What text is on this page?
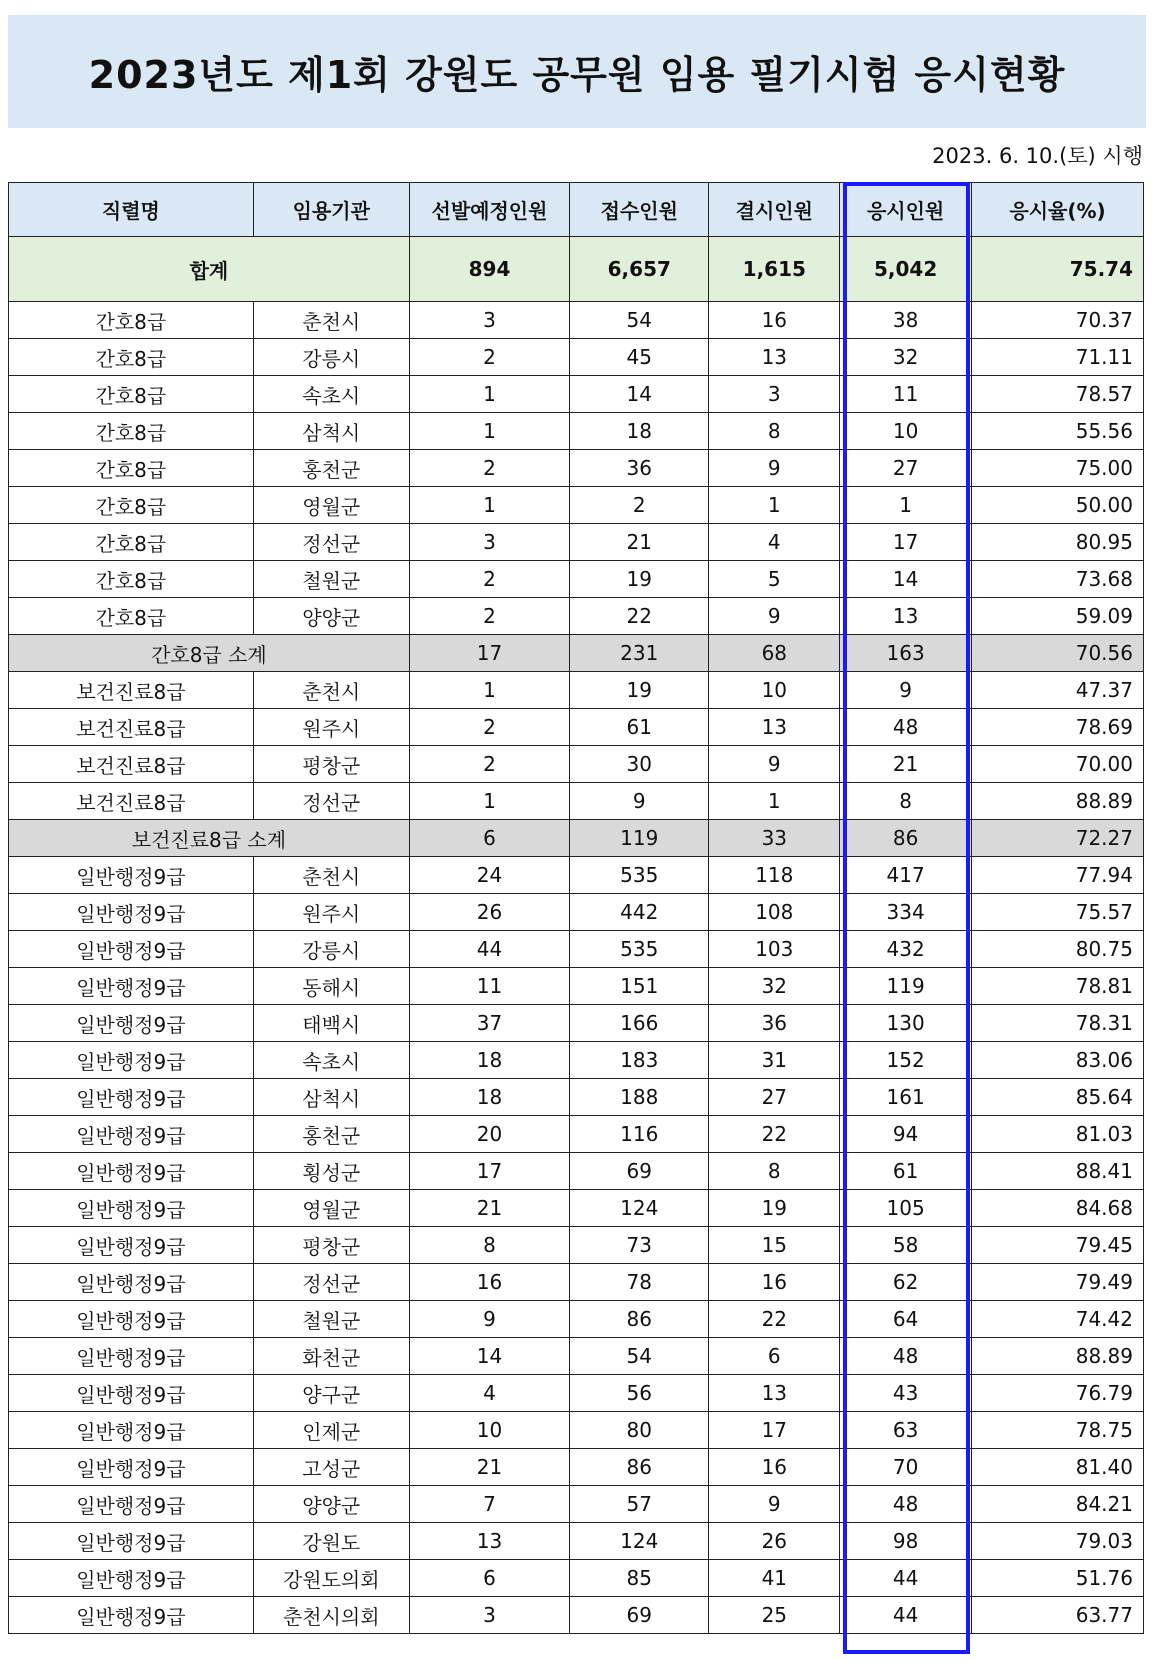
2023년도 제1회 강원도 공무원 임용 필기시험 응시현황
2023. 6. 10.(토) 시행
직렬명	임용기관	선발예정인원	접수인원	결시인원	응시인원	응시율(%)
합계		894	6,657	1,615	5,042	75.74
간호8급	춘천시	3	54	16	38	70.37
간호8급	강릉시	2	45	13	32	71.11
간호8급	속초시	1	14	3	11	78.57
간호8급	삼척시	1	18	8	10	55.56
간호8급	홍천군	2	36	9	27	75.00
간호8급	영월군	1	2	1	1	50.00
간호8급	정선군	3	21	4	17	80.95
간호8급	철원군	2	19	5	14	73.68
간호8급	양양군	2	22	9	13	59.09
간호8급 소계		17	231	68	163	70.56
보건진료8급	춘천시	1	19	10	9	47.37
보건진료8급	원주시	2	61	13	48	78.69
보건진료8급	평창군	2	30	9	21	70.00
보건진료8급	정선군	1	9	1	8	88.89
보건진료8급 소계		6	119	33	86	72.27
일반행정9급	춘천시	24	535	118	417	77.94
일반행정9급	원주시	26	442	108	334	75.57
일반행정9급	강릉시	44	535	103	432	80.75
일반행정9급	동해시	11	151	32	119	78.81
일반행정9급	태백시	37	166	36	130	78.31
일반행정9급	속초시	18	183	31	152	83.06
일반행정9급	삼척시	18	188	27	161	85.64
일반행정9급	홍천군	20	116	22	94	81.03
일반행정9급	횡성군	17	69	8	61	88.41
일반행정9급	영월군	21	124	19	105	84.68
일반행정9급	평창군	8	73	15	58	79.45
일반행정9급	정선군	16	78	16	62	79.49
일반행정9급	철원군	9	86	22	64	74.42
일반행정9급	화천군	14	54	6	48	88.89
일반행정9급	양구군	4	56	13	43	76.79
일반행정9급	인제군	10	80	17	63	78.75
일반행정9급	고성군	21	86	16	70	81.40
일반행정9급	양양군	7	57	9	48	84.21
일반행정9급	강원도	13	124	26	98	79.03
일반행정9급	강원도의회	6	85	41	44	51.76
일반행정9급	춘천시의회	3	69	25	44	63.77
